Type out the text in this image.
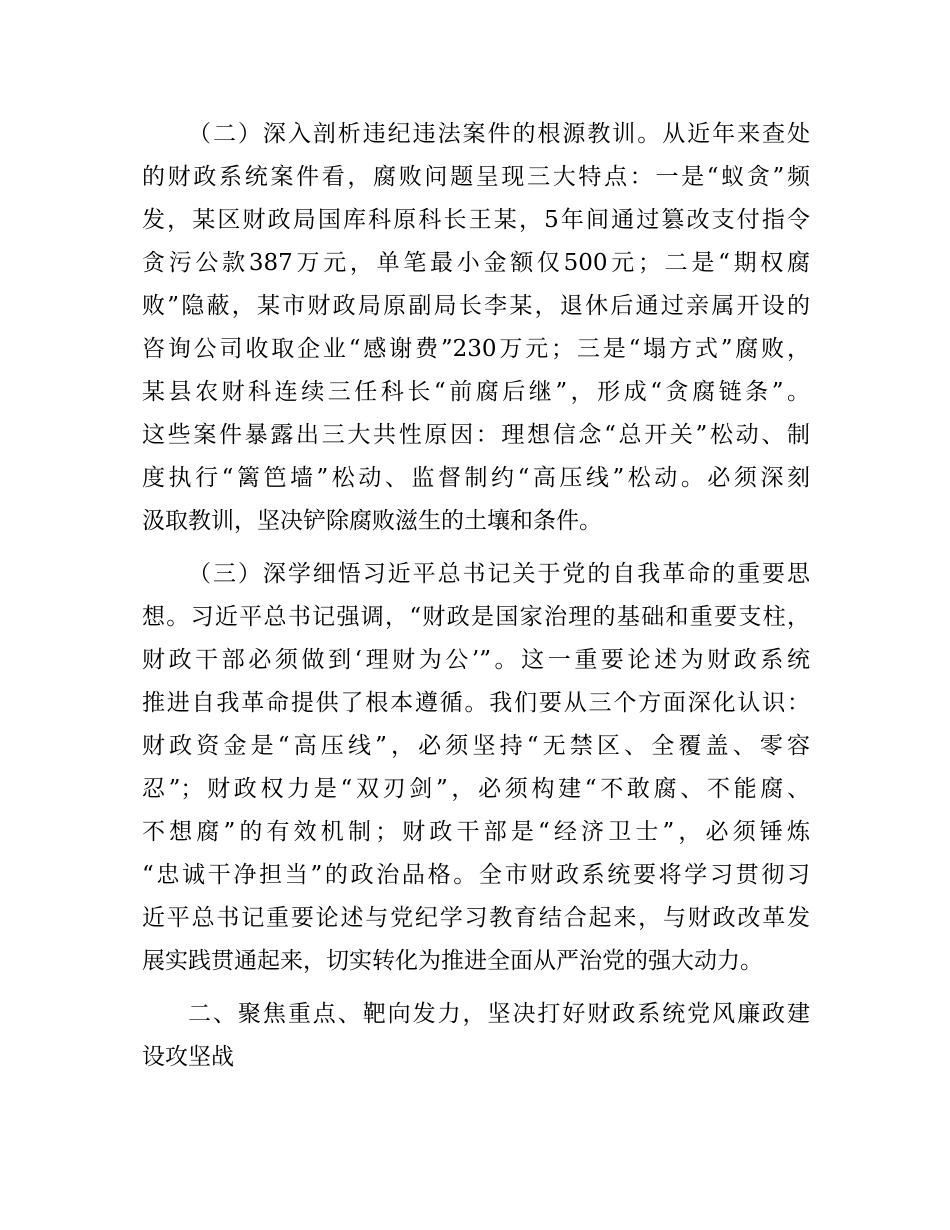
（二）深入剖析违纪违法案件的根源教训。从近年来查处
的财政系统案件看，腐败问题呈现三大特点：一是“蚁贪”频
发，某区财政局国库科原科长王某，5年间通过篡改支付指令
贪污公款387万元，单笔最小金额仅500元；二是“期权腐
败”隐蔽，某市财政局原副局长李某，退休后通过亲属开设的
咨询公司收取企业“感谢费”230万元；三是“塌方式”腐败，
某县农财科连续三任科长“前腐后继”，形成“贪腐链条”。
这些案件暴露出三大共性原因：理想信念“总开关”松动、制
度执行“篱笆墙”松动、监督制约“高压线”松动。必须深刻
汲取教训，坚决铲除腐败滋生的土壤和条件。
（三）深学细悟习近平总书记关于党的自我革命的重要思
想。习近平总书记强调，“财政是国家治理的基础和重要支柱，
财政干部必须做到‘理财为公’”。这一重要论述为财政系统
推进自我革命提供了根本遵循。我们要从三个方面深化认识：
财政资金是“高压线”，必须坚持“无禁区、全覆盖、零容
忍”；财政权力是“双刃剑”，必须构建“不敢腐、不能腐、
不想腐”的有效机制；财政干部是“经济卫士”，必须锤炼
“忠诚干净担当”的政治品格。全市财政系统要将学习贯彻习
近平总书记重要论述与党纪学习教育结合起来，与财政改革发
展实践贯通起来，切实转化为推进全面从严治党的强大动力。
二、聚焦重点、靶向发力，坚决打好财政系统党风廉政建
设攻坚战
